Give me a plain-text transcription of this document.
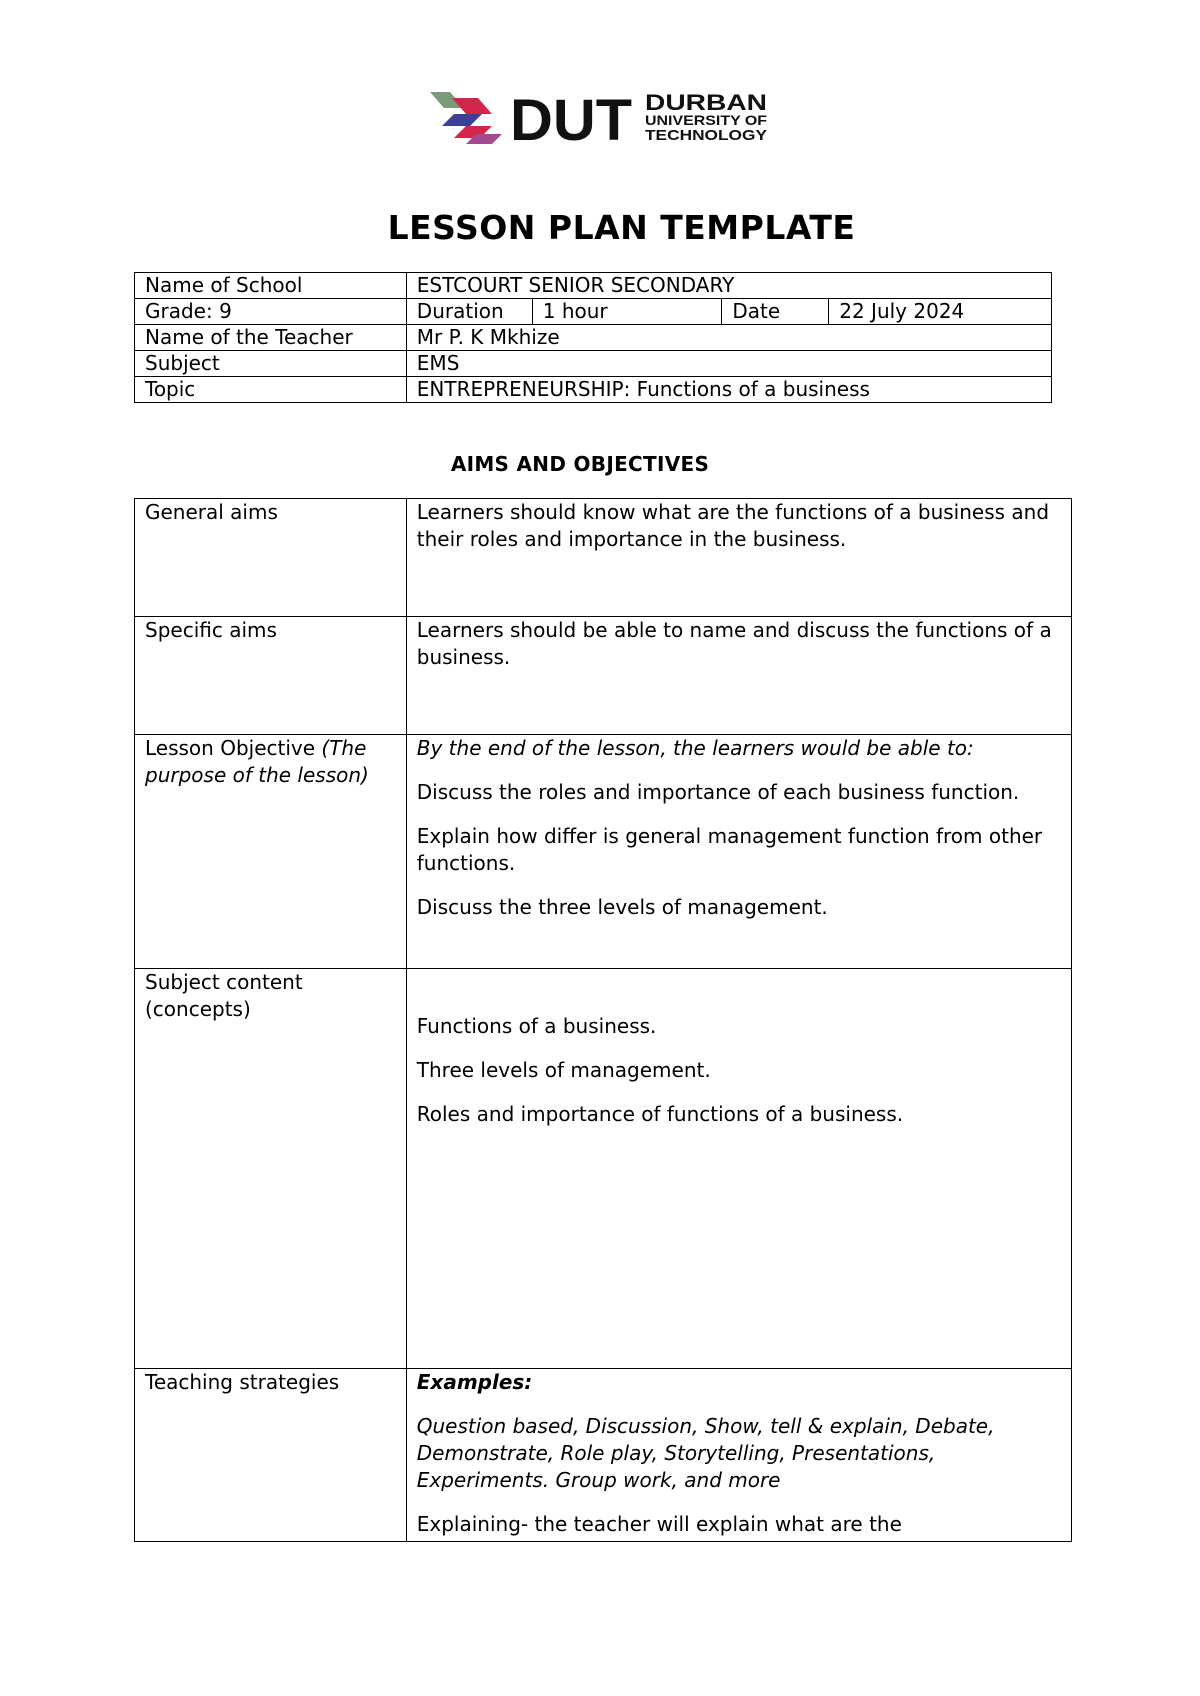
DUT DURBAN
UNIVERSITY OF
TECHNOLOGY
LESSON PLAN TEMPLATE
Name of School	ESTCOURT SENIOR SECONDARY			
Grade: 9	Duration	1 hour	Date	22 July 2024
Name of the Teacher	Mr P. K Mkhize			
Subject	EMS			
Topic	ENTREPRENEURSHIP: Functions of a business			
AIMS AND OBJECTIVES
General aims	Learners should know what are the functions of a business and their roles and importance in the business.

Specific aims	Learners should be able to name and discuss the functions of a business.

Lesson Objective (The purpose of the lesson)	By the end of the lesson, the learners would be able to:

Discuss the roles and importance of each business function.

Explain how differ is general management function from other functions.

Discuss the three levels of management.

Subject content (concepts)	Functions of a business.

Three levels of management.

Roles and importance of functions of a business.

Teaching strategies	Examples:

Question based, Discussion, Show, tell & explain, Debate, Demonstrate, Role play, Storytelling, Presentations, Experiments. Group work, and more

Explaining- the teacher will explain what are the
